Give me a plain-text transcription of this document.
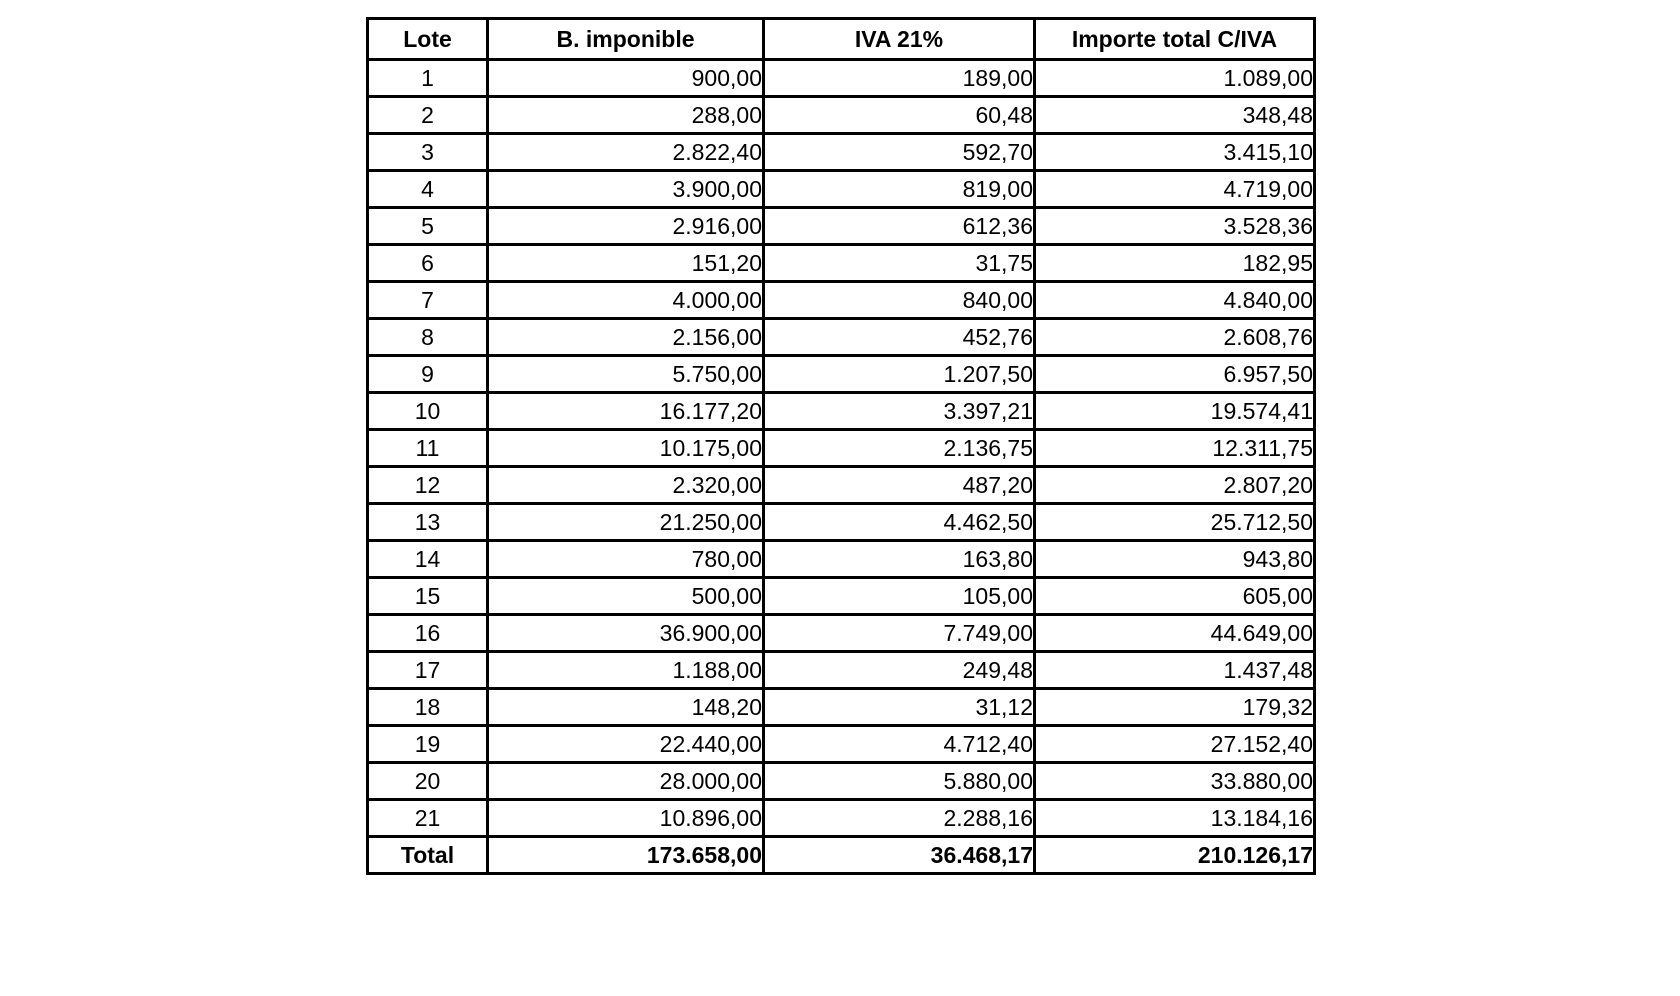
Lote	B. imponible	IVA 21%	Importe total C/IVA
1	900,00	189,00	1.089,00
2	288,00	60,48	348,48
3	2.822,40	592,70	3.415,10
4	3.900,00	819,00	4.719,00
5	2.916,00	612,36	3.528,36
6	151,20	31,75	182,95
7	4.000,00	840,00	4.840,00
8	2.156,00	452,76	2.608,76
9	5.750,00	1.207,50	6.957,50
10	16.177,20	3.397,21	19.574,41
11	10.175,00	2.136,75	12.311,75
12	2.320,00	487,20	2.807,20
13	21.250,00	4.462,50	25.712,50
14	780,00	163,80	943,80
15	500,00	105,00	605,00
16	36.900,00	7.749,00	44.649,00
17	1.188,00	249,48	1.437,48
18	148,20	31,12	179,32
19	22.440,00	4.712,40	27.152,40
20	28.000,00	5.880,00	33.880,00
21	10.896,00	2.288,16	13.184,16
Total	173.658,00	36.468,17	210.126,17
